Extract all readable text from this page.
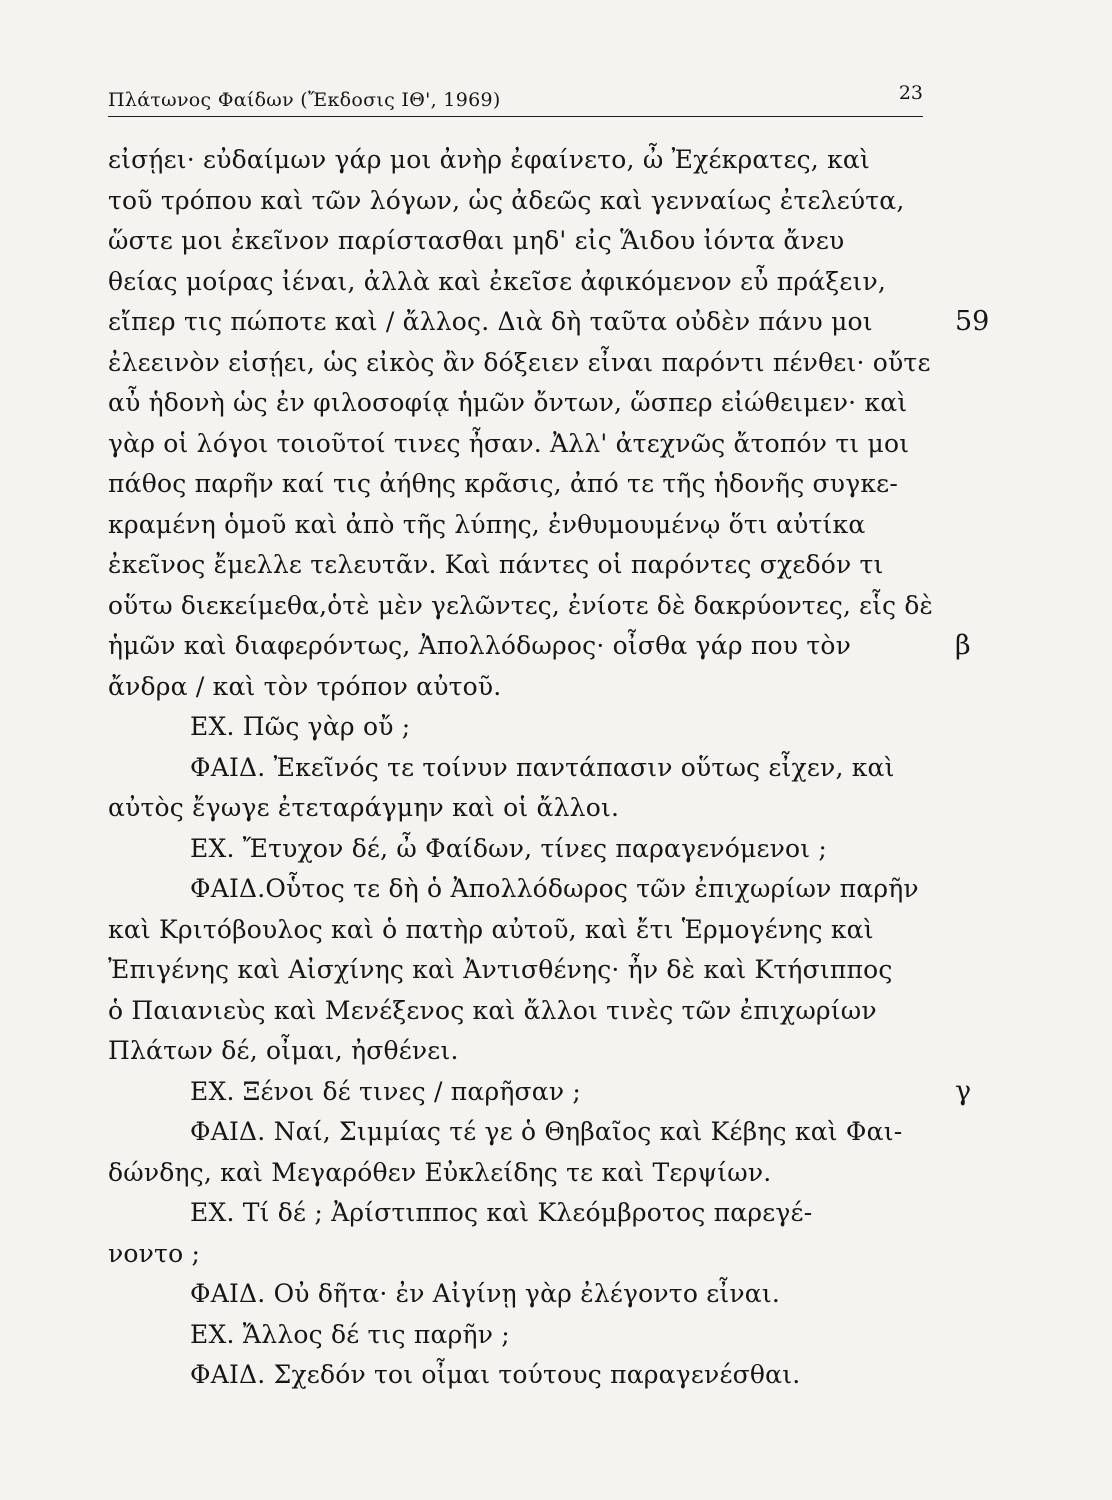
Πλάτωνος Φαίδων (Ἔκδοσις ΙΘ', 1969)	23
εἰσῄει· εὐδαίμων γάρ μοι ἀνὴρ ἐφαίνετο, ὦ Ἐχέκρατες, καὶ
τοῦ τρόπου καὶ τῶν λόγων, ὡς ἀδεῶς καὶ γενναίως ἐτελεύτα,
ὥστε μοι ἐκεῖνον παρίστασθαι μηδ' εἰς Ἅιδου ἰόντα ἄνευ
θείας μοίρας ἰέναι, ἀλλὰ καὶ ἐκεῖσε ἀφικόμενον εὖ πράξειν,
εἴπερ τις πώποτε καὶ / ἄλλος. Διὰ δὴ ταῦτα οὐδὲν πάνυ μοι
ἐλεεινὸν εἰσῄει, ὡς εἰκὸς ἂν δόξειεν εἶναι παρόντι πένθει· οὔτε
αὖ ἡδονὴ ὡς ἐν φιλοσοφίᾳ ἡμῶν ὄντων, ὥσπερ εἰώθειμεν· καὶ
γὰρ οἱ λόγοι τοιοῦτοί τινες ἦσαν. Ἀλλ' ἀτεχνῶς ἄτοπόν τι μοι
πάθος παρῆν καί τις ἀήθης κρᾶσις, ἀπό τε τῆς ἡδονῆς συγκε-
κραμένη ὁμοῦ καὶ ἀπὸ τῆς λύπης, ἐνθυμουμένῳ ὅτι αὐτίκα
ἐκεῖνος ἔμελλε τελευτᾶν. Καὶ πάντες οἱ παρόντες σχεδόν τι
οὕτω διεκείμεθα,ὁτὲ μὲν γελῶντες, ἐνίοτε δὲ δακρύοντες, εἷς δὲ
ἡμῶν καὶ διαφερόντως, Ἀπολλόδωρος· οἶσθα γάρ που τὸν
ἄνδρα / καὶ τὸν τρόπον αὐτοῦ.
ΕΧ. Πῶς γὰρ οὔ ;
ΦΑΙΔ. Ἐκεῖνός τε τοίνυν παντάπασιν οὕτως εἶχεν, καὶ
αὐτὸς ἔγωγε ἐτεταράγμην καὶ οἱ ἄλλοι.
ΕΧ. Ἔτυχον δέ, ὦ Φαίδων, τίνες παραγενόμενοι ;
ΦΑΙΔ.Οὗτος τε δὴ ὁ Ἀπολλόδωρος τῶν ἐπιχωρίων παρῆν
καὶ Κριτόβουλος καὶ ὁ πατὴρ αὐτοῦ, καὶ ἔτι Ἑρμογένης καὶ
Ἐπιγένης καὶ Αἰσχίνης καὶ Ἀντισθένης· ἦν δὲ καὶ Κτήσιππος
ὁ Παιανιεὺς καὶ Μενέξενος καὶ ἄλλοι τινὲς τῶν ἐπιχωρίων
Πλάτων δέ, οἶμαι, ἠσθένει.
ΕΧ. Ξένοι δέ τινες / παρῆσαν ;
ΦΑΙΔ. Ναί, Σιμμίας τέ γε ὁ Θηβαῖος καὶ Κέβης καὶ Φαι-
δώνδης, καὶ Μεγαρόθεν Εὐκλείδης τε καὶ Τερψίων.
ΕΧ. Τί δέ ; Ἀρίστιππος καὶ Κλεόμβροτος παρεγέ-
νοντο ;
ΦΑΙΔ. Οὐ δῆτα· ἐν Αἰγίνῃ γὰρ ἐλέγοντο εἶναι.
ΕΧ. Ἄλλος δέ τις παρῆν ;
ΦΑΙΔ. Σχεδόν τοι οἶμαι τούτους παραγενέσθαι.
59
β
γ
